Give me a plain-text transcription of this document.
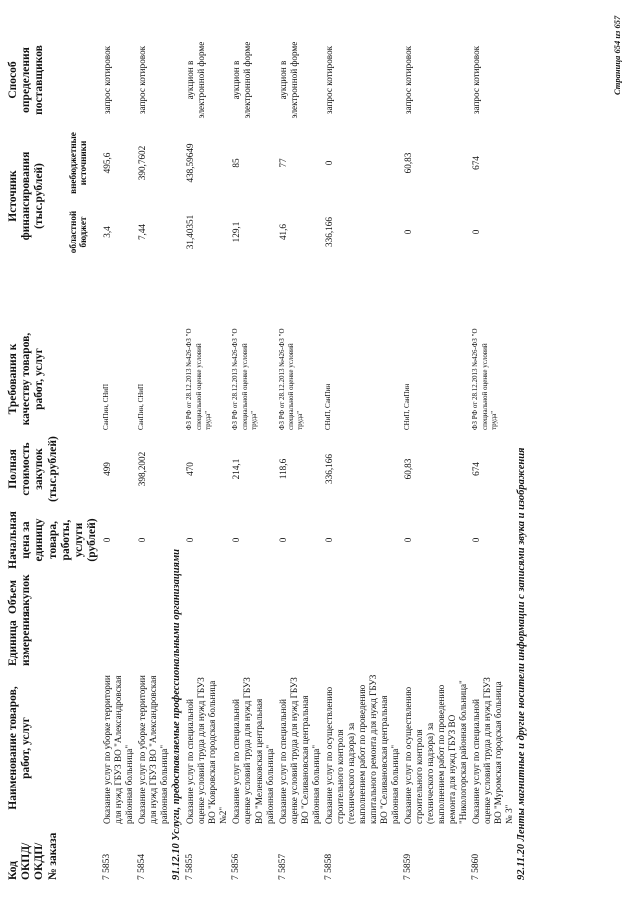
Код ОКПД/ ОКДП/ № заказа	Наименование товаров, работ, услуг	Единица измерения	Объем закупок	Начальная цена за единицу товара, работы, услуги (рублей)	Полная стоимость закупок (тыс.рублей)	Требования к качеству товаров, работ, услуг		Источник финансирования (тыс.рублей)		Способ определения поставщиков
								областной бюджет	внебюджетные источники	
7 5853	Оказание услуг по уборке территории для нужд ГБУЗ ВО "Александровская районная больница"			0	499	СанПин, СНиП		3,4	495,6	запрос котировок
7 5854	Оказание услуг по уборке территории для нужд ГБУЗ ВО "Александровская районная больница"			0	398,2002	СанПин, СНиП		7,44	390,7602	запрос котировок
91.12.10 Услуги, предоставляемые профессиональными организациями										
7 5855	Оказание услуг по специальной оценке условий труда для нужд ГБУЗ ВО "Ковровская городская больница №2"			0	470	ФЗ РФ от 28.12.2013 №426-ФЗ "О специальной оценке условий труда"		31,40351	438,59649	аукцион в электронной форме
7 5856	Оказание услуг по специальной оценке условий труда для нужд ГБУЗ ВО "Меленковская центральная районная больница"			0	214,1	ФЗ РФ от 28.12.2013 №426-ФЗ "О специальной оценке условий труда"		129,1	85	аукцион в электронной форме
7 5857	Оказание услуг по специальной оценке условий труда для нужд ГБУЗ ВО "Селивановская центральная районная больница"			0	118,6	ФЗ РФ от 28.12.2013 №426-ФЗ "О специальной оценке условий труда"		41,6	77	аукцион в электронной форме
7 5858	Оказание услуг по осуществлению строительного контроля (технического надзора) за выполнением работ по проведению капитального ремонта для нужд ГБУЗ ВО "Селивановская центральная районная больница"			0	336,166	СНиП, СанПин		336,166	0	запрос котировок
7 5859	Оказание услуг по осуществлению строительного контроля (технического надзора) за выполнением работ по проведению ремонта для нужд ГБУЗ ВО "Никологорская районная больница"			0	60,83	СНиП, СанПин		0	60,83	запрос котировок
7 5860	Оказание услуг по специальной оценке условий труда для нужд ГБУЗ ВО "Муромская городская больница № 3"			0	674	ФЗ РФ от 28.12.2013 №426-ФЗ "О специальной оценке условий труда"		0	674	запрос котировок
92.11.20 Ленты магнитные и другие носители информации с записями звука и изображения										
Страница 654 из 657
